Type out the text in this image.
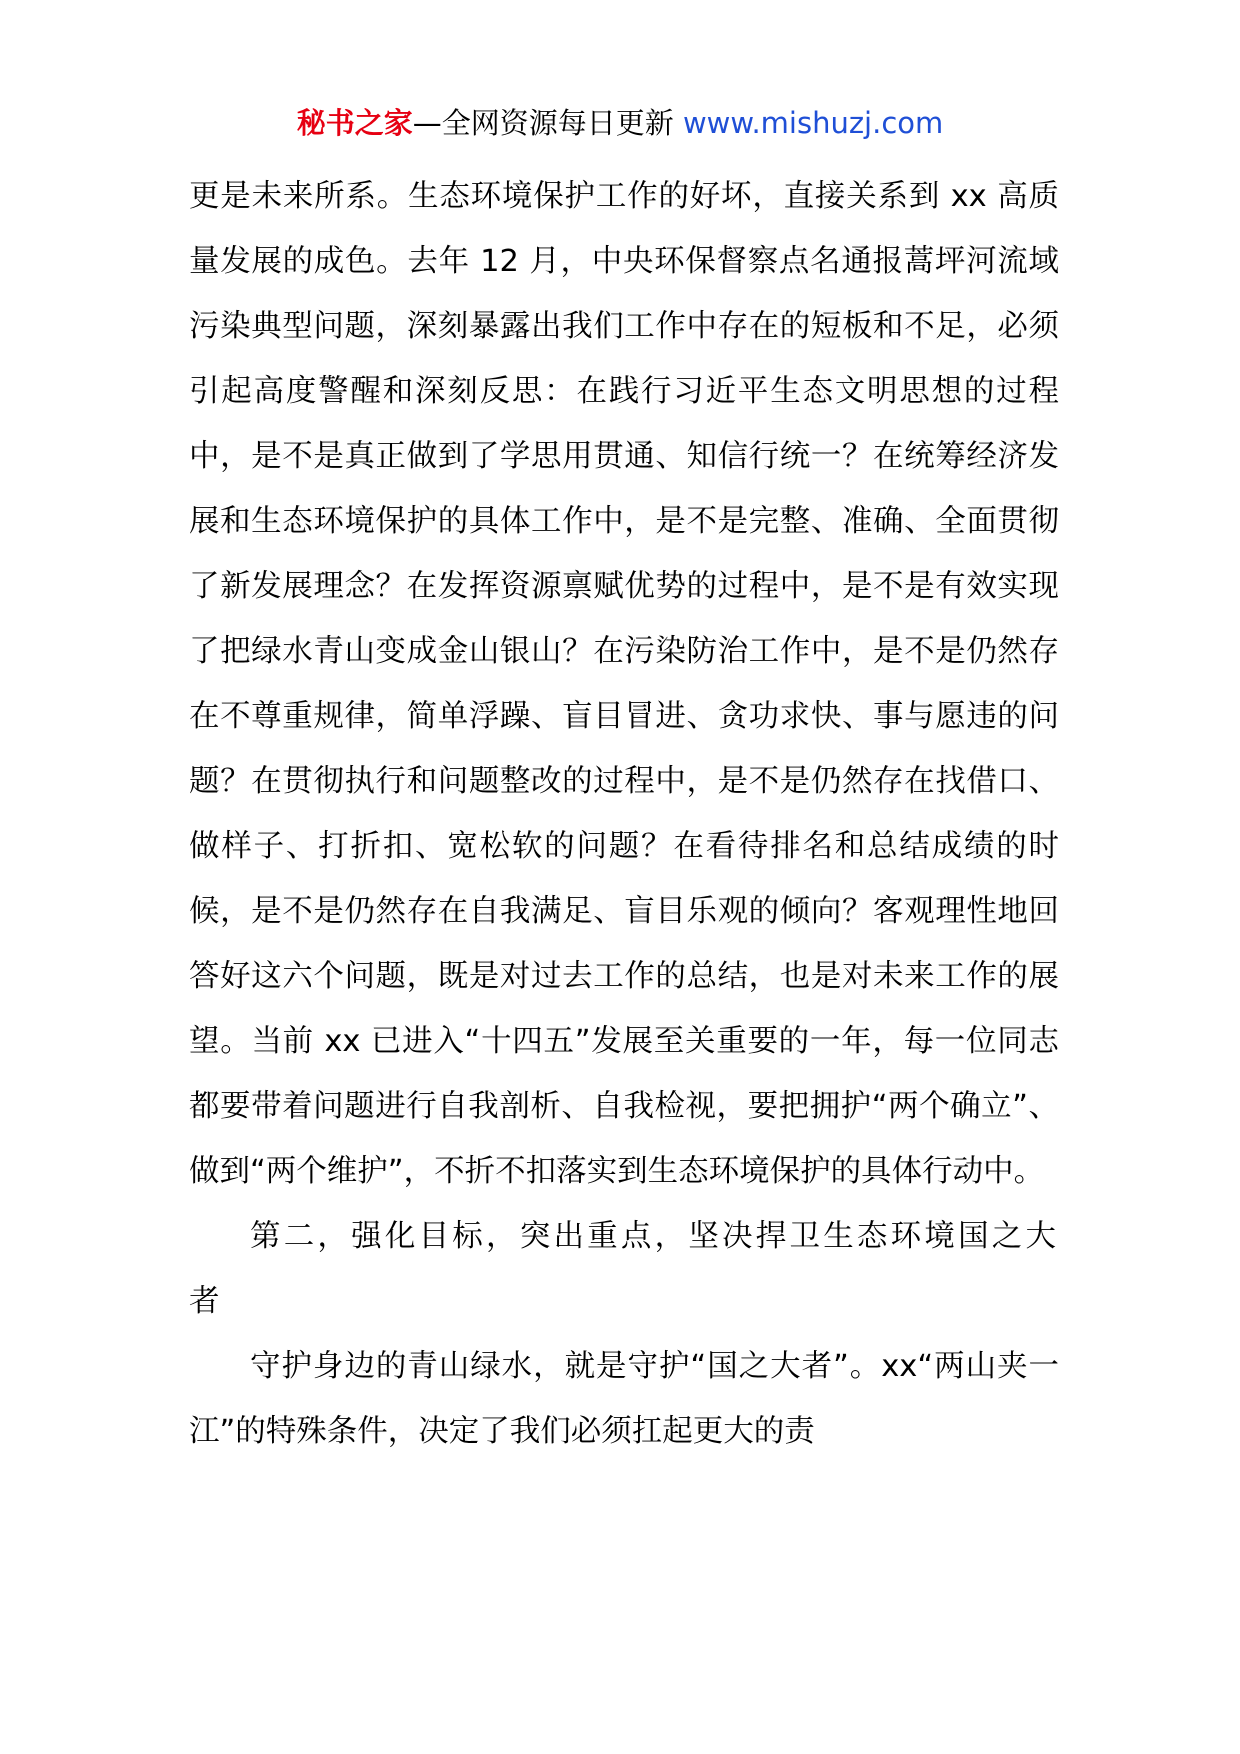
秘书之家—全网资源每日更新 www.mishuzj.com

更是未来所系。生态环境保护工作的好坏，直接关系到 xx 高质量发展的成色。去年 12 月，中央环保督察点名通报蒿坪河流域污染典型问题，深刻暴露出我们工作中存在的短板和不足，必须引起高度警醒和深刻反思：在践行习近平生态文明思想的过程中，是不是真正做到了学思用贯通、知信行统一？在统筹经济发展和生态环境保护的具体工作中，是不是完整、准确、全面贯彻了新发展理念？在发挥资源禀赋优势的过程中，是不是有效实现了把绿水青山变成金山银山？在污染防治工作中，是不是仍然存在不尊重规律，简单浮躁、盲目冒进、贪功求快、事与愿违的问题？在贯彻执行和问题整改的过程中，是不是仍然存在找借口、做样子、打折扣、宽松软的问题？在看待排名和总结成绩的时候，是不是仍然存在自我满足、盲目乐观的倾向？客观理性地回答好这六个问题，既是对过去工作的总结，也是对未来工作的展望。当前 xx 已进入“十四五”发展至关重要的一年，每一位同志都要带着问题进行自我剖析、自我检视，要把拥护“两个确立”、做到“两个维护”，不折不扣落实到生态环境保护的具体行动中。

第二，强化目标，突出重点，坚决捍卫生态环境国之大者

守护身边的青山绿水，就是守护“国之大者”。xx“两山夹一江”的特殊条件，决定了我们必须扛起更大的责
